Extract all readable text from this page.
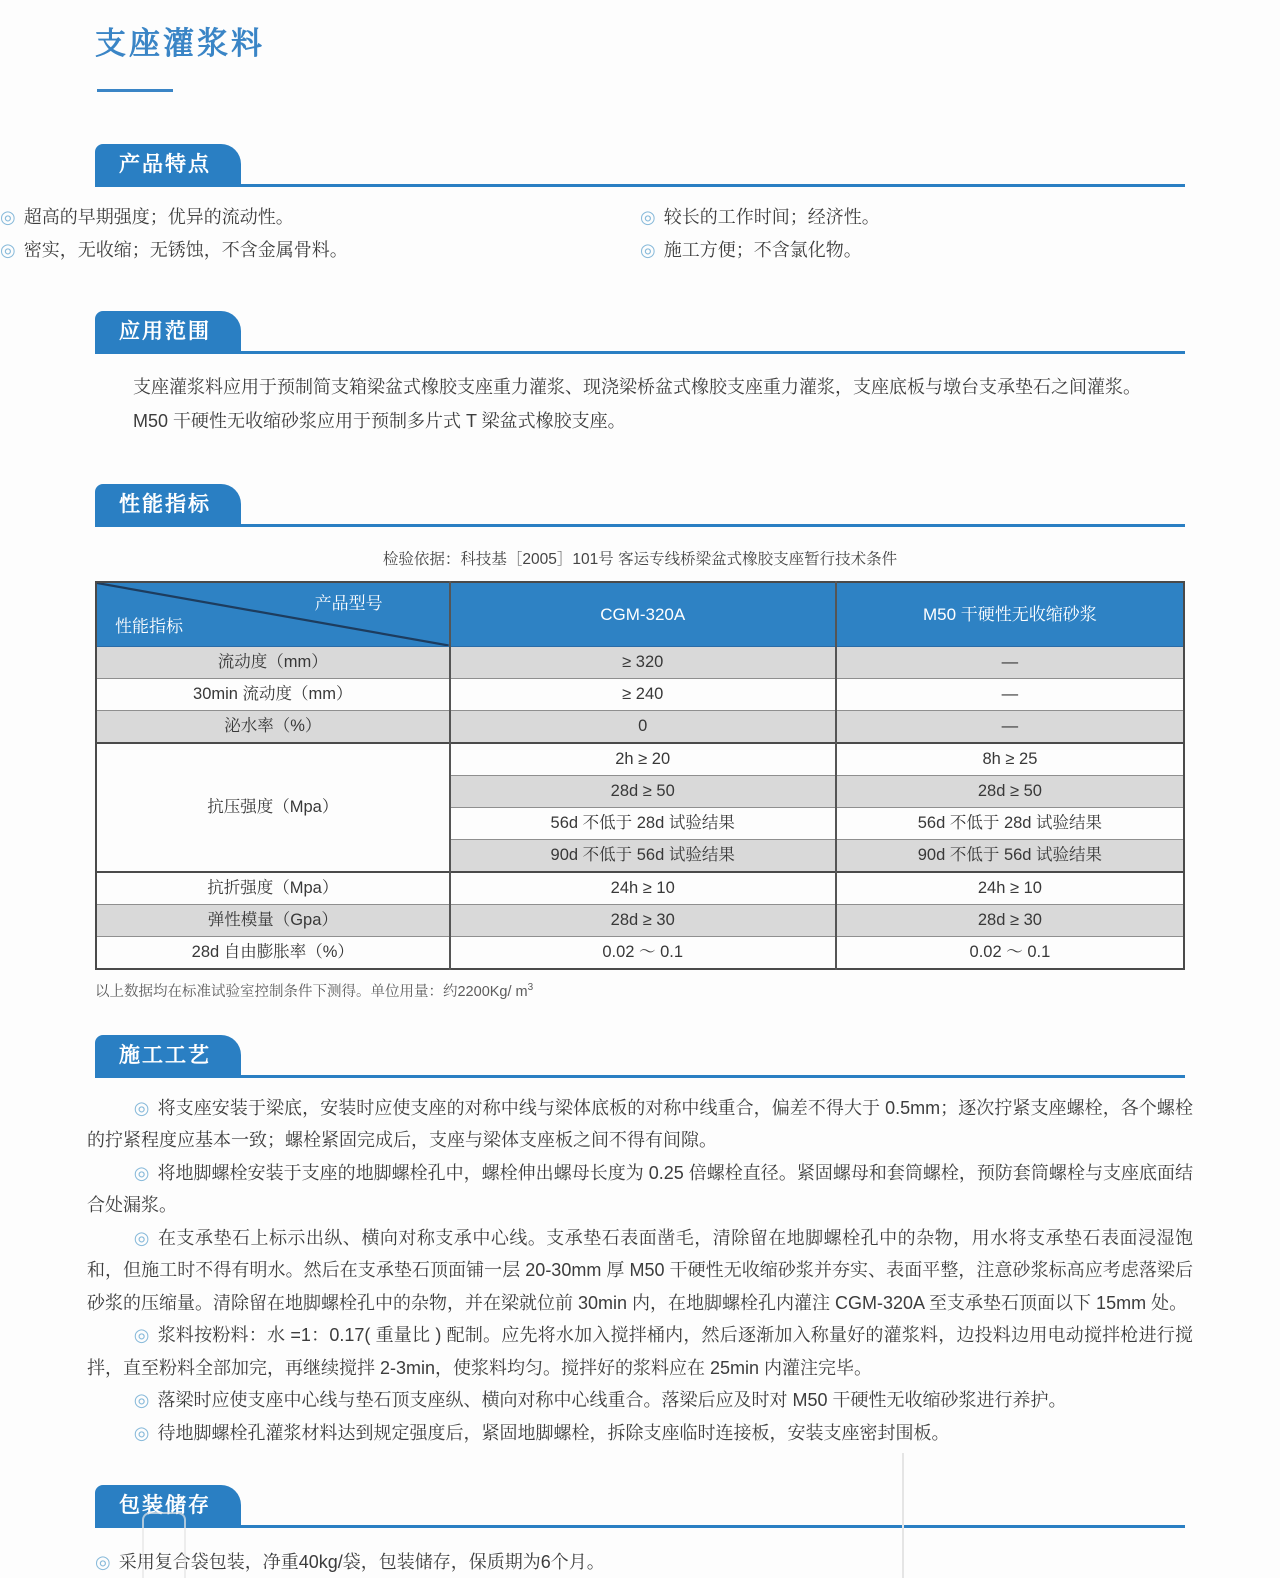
支座灌浆料
产品特点
◎ 超高的早期强度；优异的流动性。
◎ 密实，无收缩；无锈蚀，不含金属骨料。
◎ 较长的工作时间；经济性。
◎ 施工方便；不含氯化物。
应用范围

支座灌浆料应用于预制简支箱梁盆式橡胶支座重力灌浆、现浇梁桥盆式橡胶支座重力灌浆，支座底板与墩台支承垫石之间灌浆。

M50 干硬性无收缩砂浆应用于预制多片式 T 梁盆式橡胶支座。

性能指标

检验依据：科技基［2005］101号 客运专线桥梁盆式橡胶支座暂行技术条件

产品型号
性能指标	CGM-320A	M50 干硬性无收缩砂浆
流动度（mm）	≥ 320	—
30min 流动度（mm）	≥ 240	—
泌水率（%）	0	—
抗压强度（Mpa）	2h ≥ 20	8h ≥ 25
	28d ≥ 50	28d ≥ 50
	56d 不低于 28d 试验结果	56d 不低于 28d 试验结果
	90d 不低于 56d 试验结果	90d 不低于 56d 试验结果
抗折强度（Mpa）	24h ≥ 10	24h ≥ 10
弹性模量（Gpa）	28d ≥ 30	28d ≥ 30
28d 自由膨胀率（%）	0.02 ～ 0.1	0.02 ～ 0.1

以上数据均在标准试验室控制条件下测得。单位用量：约2200Kg/ $m^3$

施工工艺

◎ 将支座安装于梁底，安装时应使支座的对称中线与梁体底板的对称中线重合，偏差不得大于 0.5mm；逐次拧紧支座螺栓，各个螺栓的拧紧程度应基本一致；螺栓紧固完成后，支座与梁体支座板之间不得有间隙。

◎ 将地脚螺栓安装于支座的地脚螺栓孔中，螺栓伸出螺母长度为 0.25 倍螺栓直径。紧固螺母和套筒螺栓，预防套筒螺栓与支座底面结合处漏浆。

◎ 在支承垫石上标示出纵、横向对称支承中心线。支承垫石表面凿毛，清除留在地脚螺栓孔中的杂物，用水将支承垫石表面浸湿饱和，但施工时不得有明水。然后在支承垫石顶面铺一层 20-30mm 厚 M50 干硬性无收缩砂浆并夯实、表面平整，注意砂浆标高应考虑落梁后砂浆的压缩量。清除留在地脚螺栓孔中的杂物，并在梁就位前 30min 内，在地脚螺栓孔内灌注 CGM-320A 至支承垫石顶面以下 15mm 处。

◎ 浆料按粉料：水 =1：0.17( 重量比 ) 配制。应先将水加入搅拌桶内，然后逐渐加入称量好的灌浆料，边投料边用电动搅拌枪进行搅拌，直至粉料全部加完，再继续搅拌 2-3min，使浆料均匀。搅拌好的浆料应在 25min 内灌注完毕。

◎ 落梁时应使支座中心线与垫石顶支座纵、横向对称中心线重合。落梁后应及时对 M50 干硬性无收缩砂浆进行养护。

◎ 待地脚螺栓孔灌浆材料达到规定强度后，紧固地脚螺栓，拆除支座临时连接板，安装支座密封围板。

包装储存

◎ 采用复合袋包装，净重40kg/袋，包装储存，保质期为6个月。
